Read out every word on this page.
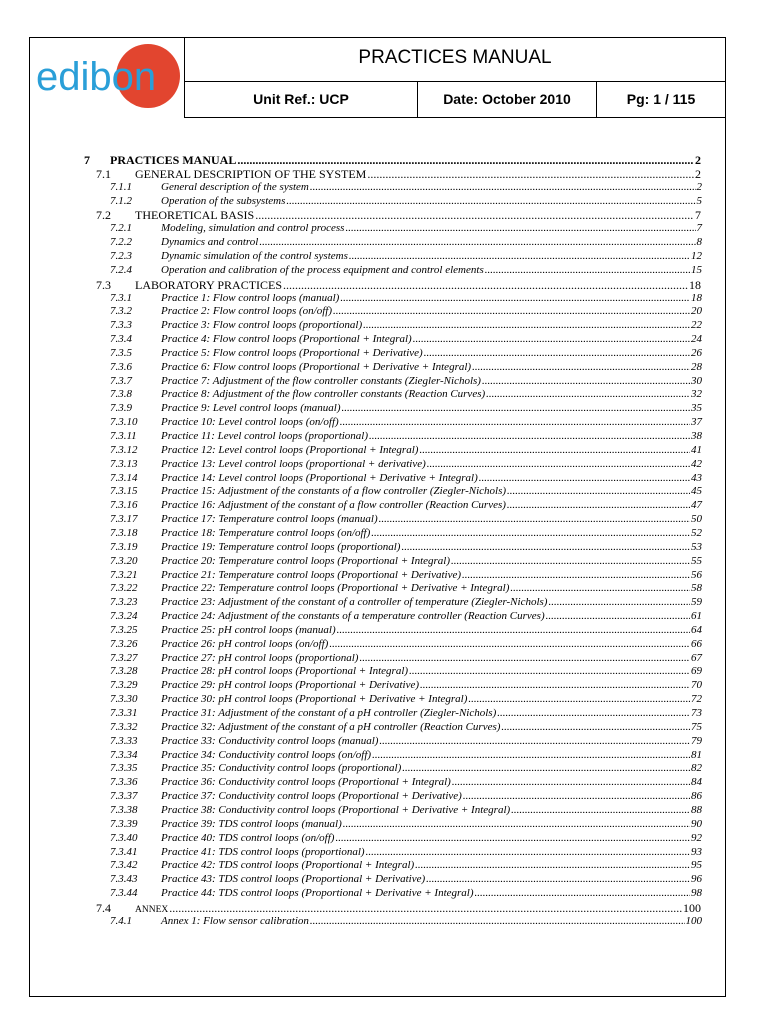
edibon	PRACTICES MANUAL
Unit Ref.: UCP	Date: October 2010	Pg: 1 / 115
7	PRACTICES MANUAL .....	2
7.1	GENERAL DESCRIPTION OF THE SYSTEM .....	2
7.1.1	General description of the system .....	2
7.1.2	Operation of the subsystems .....	5
7.2	THEORETICAL BASIS .....	7
7.2.1	Modeling, simulation and control process .....	7
7.2.2	Dynamics and control .....	8
7.2.3	Dynamic simulation of the control systems .....	12
7.2.4	Operation and calibration of the process equipment and control elements .....	15
7.3	LABORATORY PRACTICES .....	18
7.3.1	Practice 1: Flow control loops (manual) .....	18
7.3.2	Practice 2: Flow control loops (on/off) .....	20
7.3.3	Practice 3: Flow control loops (proportional) .....	22
7.3.4	Practice 4: Flow control loops (Proportional + Integral) .....	24
7.3.5	Practice 5: Flow control loops (Proportional + Derivative) .....	26
7.3.6	Practice 6: Flow control loops (Proportional + Derivative + Integral) .....	28
7.3.7	Practice 7: Adjustment of the flow controller constants (Ziegler-Nichols) .....	30
7.3.8	Practice 8: Adjustment of the flow controller constants (Reaction Curves) .....	32
7.3.9	Practice 9: Level control loops (manual) .....	35
7.3.10	Practice 10: Level control loops (on/off) .....	37
7.3.11	Practice 11: Level control loops (proportional) .....	38
7.3.12	Practice 12: Level control loops (Proportional + Integral) .....	41
7.3.13	Practice 13: Level control loops (proportional + derivative) .....	42
7.3.14	Practice 14: Level control loops (Proportional + Derivative + Integral) .....	43
7.3.15	Practice 15: Adjustment of the constants of a flow controller (Ziegler-Nichols) .....	45
7.3.16	Practice 16: Adjustment of the constant of a flow controller (Reaction Curves) .....	47
7.3.17	Practice 17: Temperature control loops (manual) .....	50
7.3.18	Practice 18: Temperature control loops (on/off) .....	52
7.3.19	Practice 19: Temperature control loops (proportional) .....	53
7.3.20	Practice 20: Temperature control loops (Proportional + Integral) .....	55
7.3.21	Practice 21: Temperature control loops (Proportional + Derivative) .....	56
7.3.22	Practice 22: Temperature control loops (Proportional + Derivative + Integral) .....	58
7.3.23	Practice 23: Adjustment of the constant of a controller of temperature (Ziegler-Nichols) .....	59
7.3.24	Practice 24: Adjustment of the constants of a temperature controller (Reaction Curves) .....	61
7.3.25	Practice 25: pH control loops (manual) .....	64
7.3.26	Practice 26: pH control loops (on/off) .....	66
7.3.27	Practice 27: pH control loops (proportional) .....	67
7.3.28	Practice 28: pH control loops (Proportional + Integral) .....	69
7.3.29	Practice 29: pH control loops (Proportional + Derivative) .....	70
7.3.30	Practice 30: pH control loops (Proportional + Derivative + Integral) .....	72
7.3.31	Practice 31: Adjustment of the constant of a pH controller (Ziegler-Nichols) .....	73
7.3.32	Practice 32: Adjustment of the constant of a pH controller (Reaction Curves) .....	75
7.3.33	Practice 33: Conductivity control loops (manual) .....	79
7.3.34	Practice 34: Conductivity control loops (on/off) .....	81
7.3.35	Practice 35: Conductivity control loops (proportional) .....	82
7.3.36	Practice 36: Conductivity control loops (Proportional + Integral) .....	84
7.3.37	Practice 37: Conductivity control loops (Proportional + Derivative) .....	86
7.3.38	Practice 38: Conductivity control loops (Proportional + Derivative + Integral) .....	88
7.3.39	Practice 39: TDS control loops (manual) .....	90
7.3.40	Practice 40: TDS control loops (on/off) .....	92
7.3.41	Practice 41: TDS control loops (proportional) .....	93
7.3.42	Practice 42: TDS control loops (Proportional + Integral) .....	95
7.3.43	Practice 43: TDS control loops (Proportional + Derivative) .....	96
7.3.44	Practice 44: TDS control loops (Proportional + Derivative + Integral) .....	98
7.4	ANNEX .....	100
7.4.1	Annex 1: Flow sensor calibration .....	100
